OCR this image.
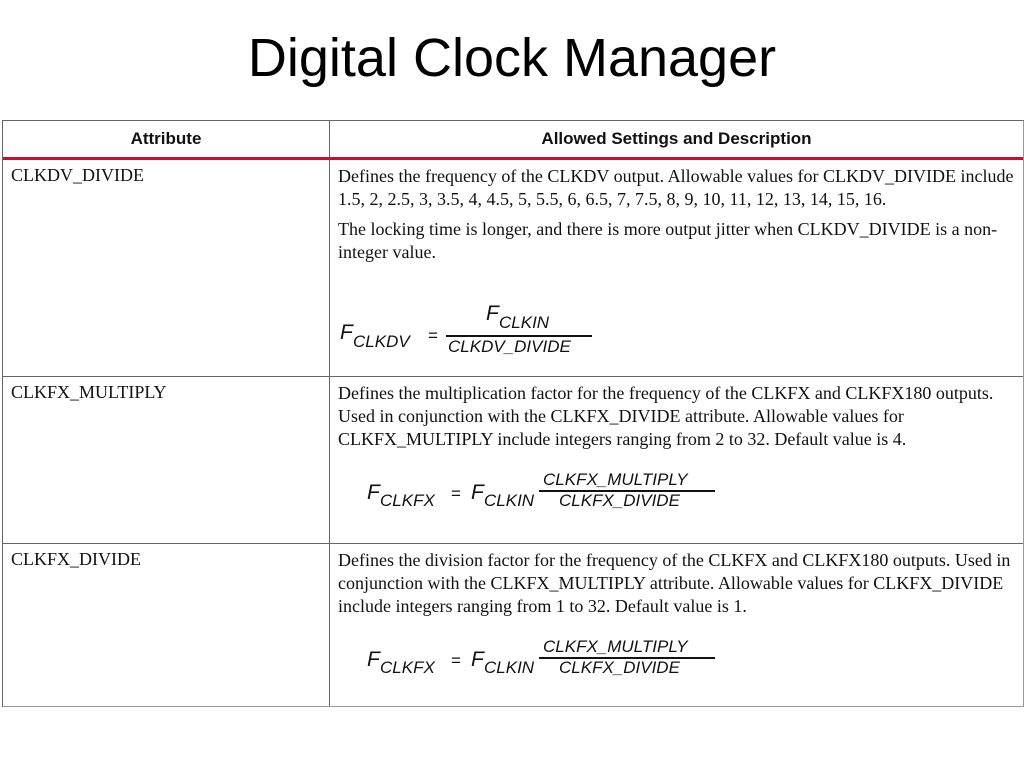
Digital Clock Manager
Attribute	Allowed Settings and Description
CLKDV_DIVIDE	Defines the frequency of the CLKDV output. Allowable values for CLKDV_DIVIDE include 1.5, 2, 2.5, 3, 3.5, 4, 4.5, 5, 5.5, 6, 6.5, 7, 7.5, 8, 9, 10, 11, 12, 13, 14, 15, 16.

The locking time is longer, and there is more output jitter when CLKDV_DIVIDE is a non-integer value.

F CLKDV =
F CLKIN
CLKDV_DIVIDE
CLKFX_MULTIPLY	Defines the multiplication factor for the frequency of the CLKFX and CLKFX180 outputs. Used in conjunction with the CLKFX_DIVIDE attribute. Allowable values for CLKFX_MULTIPLY include integers ranging from 2 to 32. Default value is 4.

F CLKFX = F CLKIN
CLKFX_MULTIPLY
CLKFX_DIVIDE
CLKFX_DIVIDE	Defines the division factor for the frequency of the CLKFX and CLKFX180 outputs. Used in conjunction with the CLKFX_MULTIPLY attribute. Allowable values for CLKFX_DIVIDE include integers ranging from 1 to 32. Default value is 1.

F CLKFX = F CLKIN
CLKFX_MULTIPLY
CLKFX_DIVIDE
